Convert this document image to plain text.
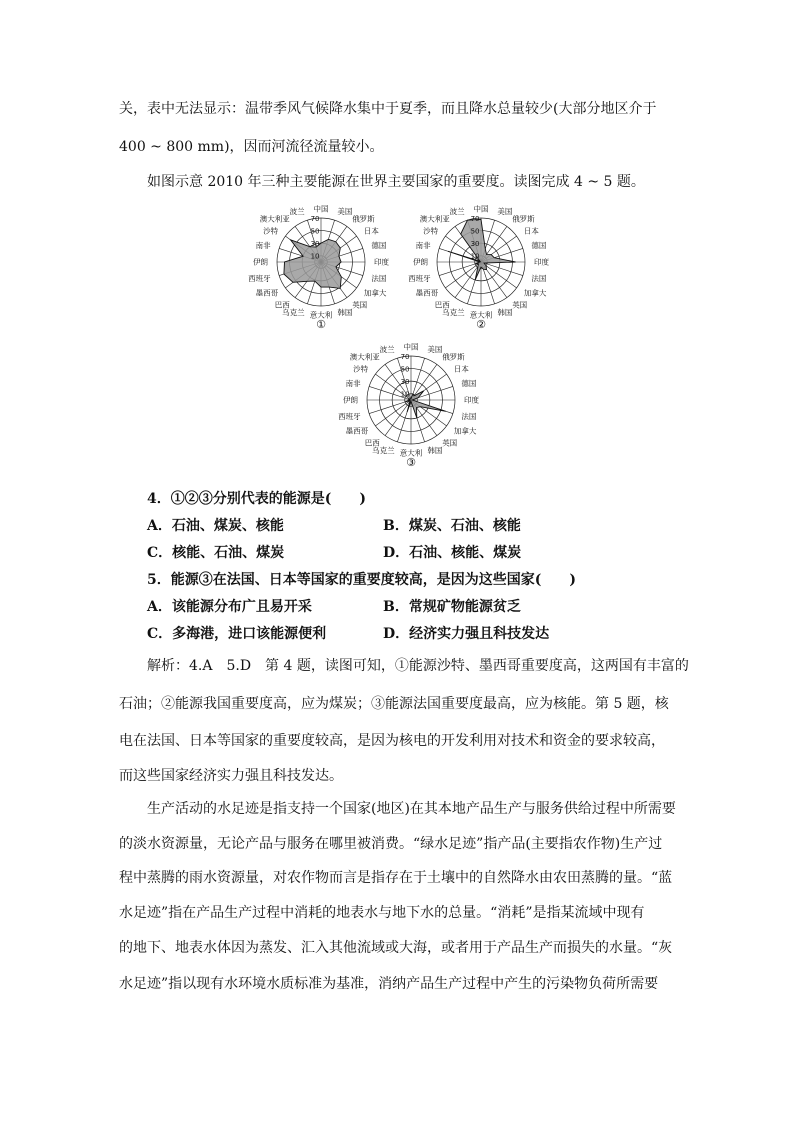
关，表中无法显示：温带季风气候降水集中于夏季，而且降水总量较少(大部分地区介于
400 ~ 800 mm)，因而河流径流量较小。
如图示意 2010 年三种主要能源在世界主要国家的重要度。读图完成 4 ~ 5 题。
10
30
50
70
中国 美国
俄罗斯
日本
德国
印度
法国
加拿大
英国
韩国
意大利
乌克兰
巴西
墨西哥
西班牙
伊朗
南非
沙特
澳大利亚
波兰
①
10
30
50
70
中国 美国
俄罗斯
日本
德国
印度
法国
加拿大
英国
韩国
意大利
乌克兰
巴西
墨西哥
西班牙
伊朗
南非
沙特
澳大利亚
波兰
②
10
30
50
70
中国 美国
俄罗斯
日本
德国
印度
法国
加拿大
英国
韩国
意大利
乌克兰
巴西
墨西哥
西班牙
伊朗
南非
沙特
澳大利亚
波兰
③
4．①②③分别代表的能源是(　　)
A．石油、煤炭、核能	B．煤炭、石油、核能
C．核能、石油、煤炭	D．石油、核能、煤炭
5．能源③在法国、日本等国家的重要度较高，是因为这些国家(　　)
A．该能源分布广且易开采	B．常规矿物能源贫乏
C．多海港，进口该能源便利	D．经济实力强且科技发达
解析：4.A　5.D　第 4 题，读图可知，①能源沙特、墨西哥重要度高，这两国有丰富的
石油；②能源我国重要度高，应为煤炭；③能源法国重要度最高，应为核能。第 5 题，核
电在法国、日本等国家的重要度较高，是因为核电的开发利用对技术和资金的要求较高，
而这些国家经济实力强且科技发达。
　　生产活动的水足迹是指支持一个国家(地区)在其本地产品生产与服务供给过程中所需要
的淡水资源量，无论产品与服务在哪里被消费。“绿水足迹”指产品(主要指农作物)生产过
程中蒸腾的雨水资源量，对农作物而言是指存在于土壤中的自然降水由农田蒸腾的量。“蓝
水足迹”指在产品生产过程中消耗的地表水与地下水的总量。“消耗”是指某流域中现有
的地下、地表水体因为蒸发、汇入其他流域或大海，或者用于产品生产而损失的水量。“灰
水足迹”指以现有水环境水质标准为基准，消纳产品生产过程中产生的污染物负荷所需要
